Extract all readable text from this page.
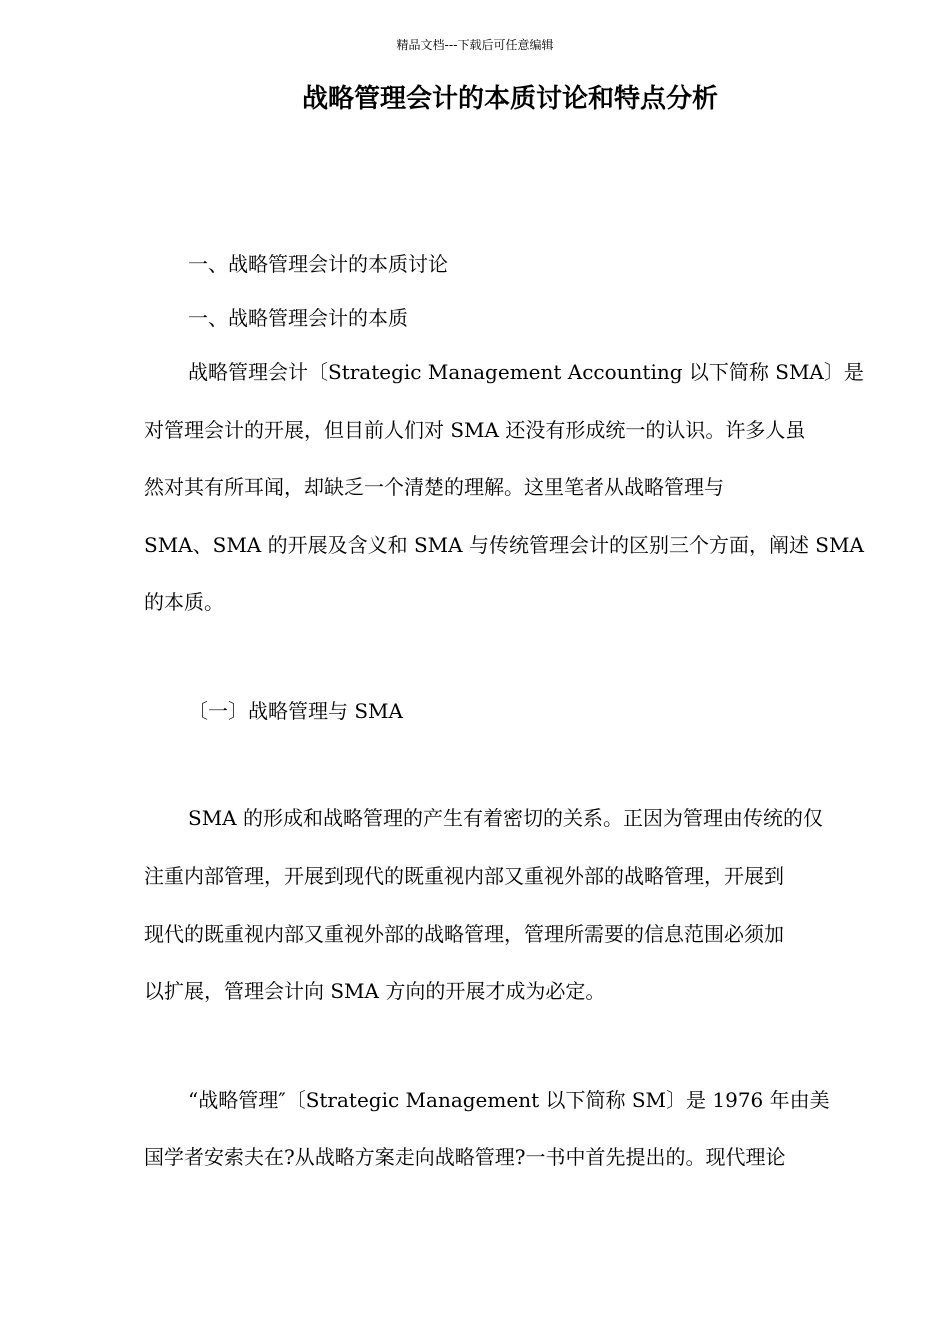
精品文档---下载后可任意编辑
战略管理会计的本质讨论和特点分析
一、战略管理会计的本质讨论
一、战略管理会计的本质
战略管理会计〔Strategic Management Accounting 以下简称 SMA〕是
对管理会计的开展，但目前人们对 SMA 还没有形成统一的认识。许多人虽
然对其有所耳闻，却缺乏一个清楚的理解。这里笔者从战略管理与
SMA、SMA 的开展及含义和 SMA 与传统管理会计的区别三个方面，阐述 SMA
的本质。
〔一〕战略管理与 SMA
SMA 的形成和战略管理的产生有着密切的关系。正因为管理由传统的仅
注重内部管理，开展到现代的既重视内部又重视外部的战略管理，开展到
现代的既重视内部又重视外部的战略管理，管理所需要的信息范围必须加
以扩展，管理会计向 SMA 方向的开展才成为必定。
“战略管理″〔Strategic Management 以下简称 SM〕是 1976 年由美
国学者安索夫在?从战略方案走向战略管理?一书中首先提出的。现代理论
